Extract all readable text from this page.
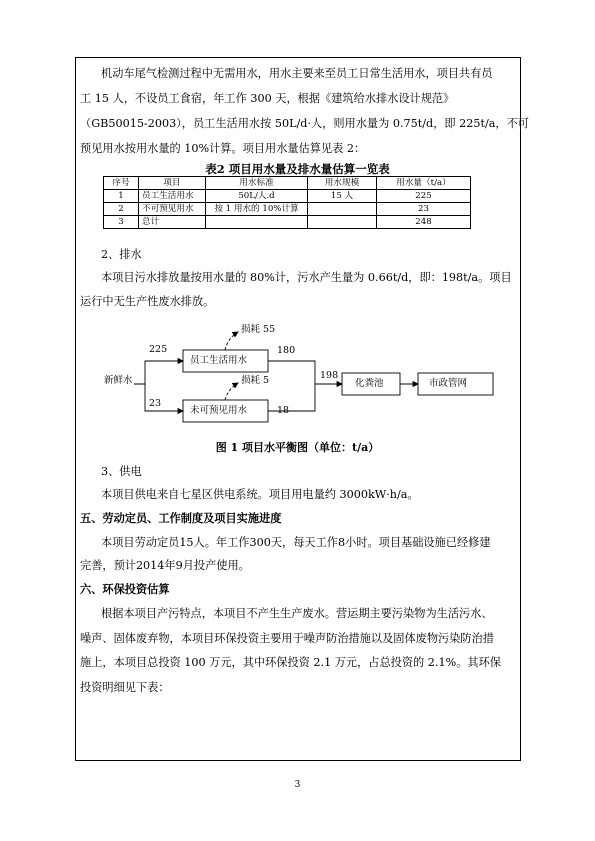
机动车尾气检测过程中无需用水，用水主要来至员工日常生活用水，项目共有员
工 15 人，不设员工食宿，年工作 300 天，根据《建筑给水排水设计规范》
（GB50015-2003），员工生活用水按 50L/d·人，则用水量为 0.75t/d，即 225t/a，不可
预见用水按用水量的 10%计算。项目用水量估算见表 2：
表2 项目用水量及排水量估算一览表
序号	项目	用水标准	用水规模	用水量（t/a）
1	员工生活用水	50L/人.d	15 人	225
2	不可预见用水	按 1 用水的 10%计算		23
3	总计			248
2、排水
本项目污水排放量按用水量的 80%计，污水产生量为 0.66t/d，即：198t/a。项目
运行中无生产性废水排放。
新鲜水
员工生活用水
未可预见用水
化粪池	市政管网
225
23
180
18
198
损耗 55
损耗 5
图 1 项目水平衡图（单位：t/a）
3、供电
本项目供电来自七星区供电系统。项目用电量约 3000kW·h/a。
五、劳动定员、工作制度及项目实施进度
本项目劳动定员15人。年工作300天，每天工作8小时。项目基础设施已经修建
完善，预计2014年9月投产使用。
六、环保投资估算
根据本项目产污特点，本项目不产生生产废水。营运期主要污染物为生活污水、
噪声、固体废弃物，本项目环保投资主要用于噪声防治措施以及固体废物污染防治措
施上，本项目总投资 100 万元，其中环保投资 2.1 万元，占总投资的 2.1%。其环保
投资明细见下表：
3
